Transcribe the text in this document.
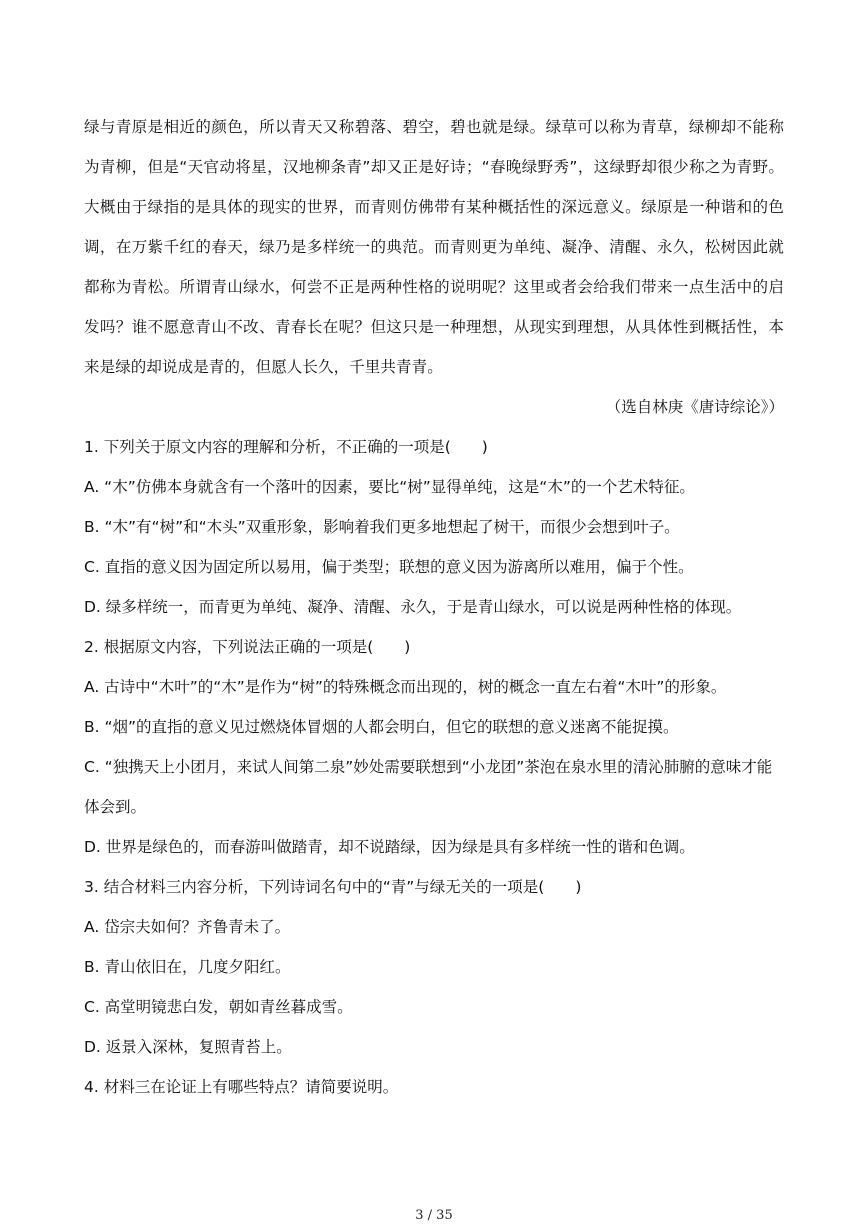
绿与青原是相近的颜色，所以青天又称碧落、碧空，碧也就是绿。绿草可以称为青草，绿柳却不能称为青柳，但是“天官动将星，汉地柳条青”却又正是好诗；“春晚绿野秀”，这绿野却很少称之为青野。大概由于绿指的是具体的现实的世界，而青则仿佛带有某种概括性的深远意义。绿原是一种谐和的色调，在万紫千红的春天，绿乃是多样统一的典范。而青则更为单纯、凝净、清醒、永久，松树因此就都称为青松。所谓青山绿水，何尝不正是两种性格的说明呢？这里或者会给我们带来一点生活中的启发吗？谁不愿意青山不改、青春长在呢？但这只是一种理想，从现实到理想，从具体性到概括性，本来是绿的却说成是青的，但愿人长久，千里共青青。

（选自林庚《唐诗综论》）

1. 下列关于原文内容的理解和分析，不正确的一项是(　　)

A. “木”仿佛本身就含有一个落叶的因素，要比“树”显得单纯，这是“木”的一个艺术特征。

B. “木”有“树”和“木头”双重形象，影响着我们更多地想起了树干，而很少会想到叶子。

C. 直指的意义因为固定所以易用，偏于类型；联想的意义因为游离所以难用，偏于个性。

D. 绿多样统一，而青更为单纯、凝净、清醒、永久，于是青山绿水，可以说是两种性格的体现。

2. 根据原文内容，下列说法正确的一项是(　　)

A. 古诗中“木叶”的“木”是作为“树”的特殊概念而出现的，树的概念一直左右着“木叶”的形象。

B. “烟”的直指的意义见过燃烧体冒烟的人都会明白，但它的联想的意义迷离不能捉摸。

C. “独携天上小团月，来试人间第二泉”妙处需要联想到“小龙团”茶泡在泉水里的清沁肺腑的意味才能体会到。

D. 世界是绿色的，而春游叫做踏青，却不说踏绿，因为绿是具有多样统一性的谐和色调。

3. 结合材料三内容分析，下列诗词名句中的“青”与绿无关的一项是(　　)

A. 岱宗夫如何？齐鲁青未了。

B. 青山依旧在，几度夕阳红。

C. 高堂明镜悲白发，朝如青丝暮成雪。

D. 返景入深林，复照青苔上。

4. 材料三在论证上有哪些特点？请简要说明。

3 / 35
